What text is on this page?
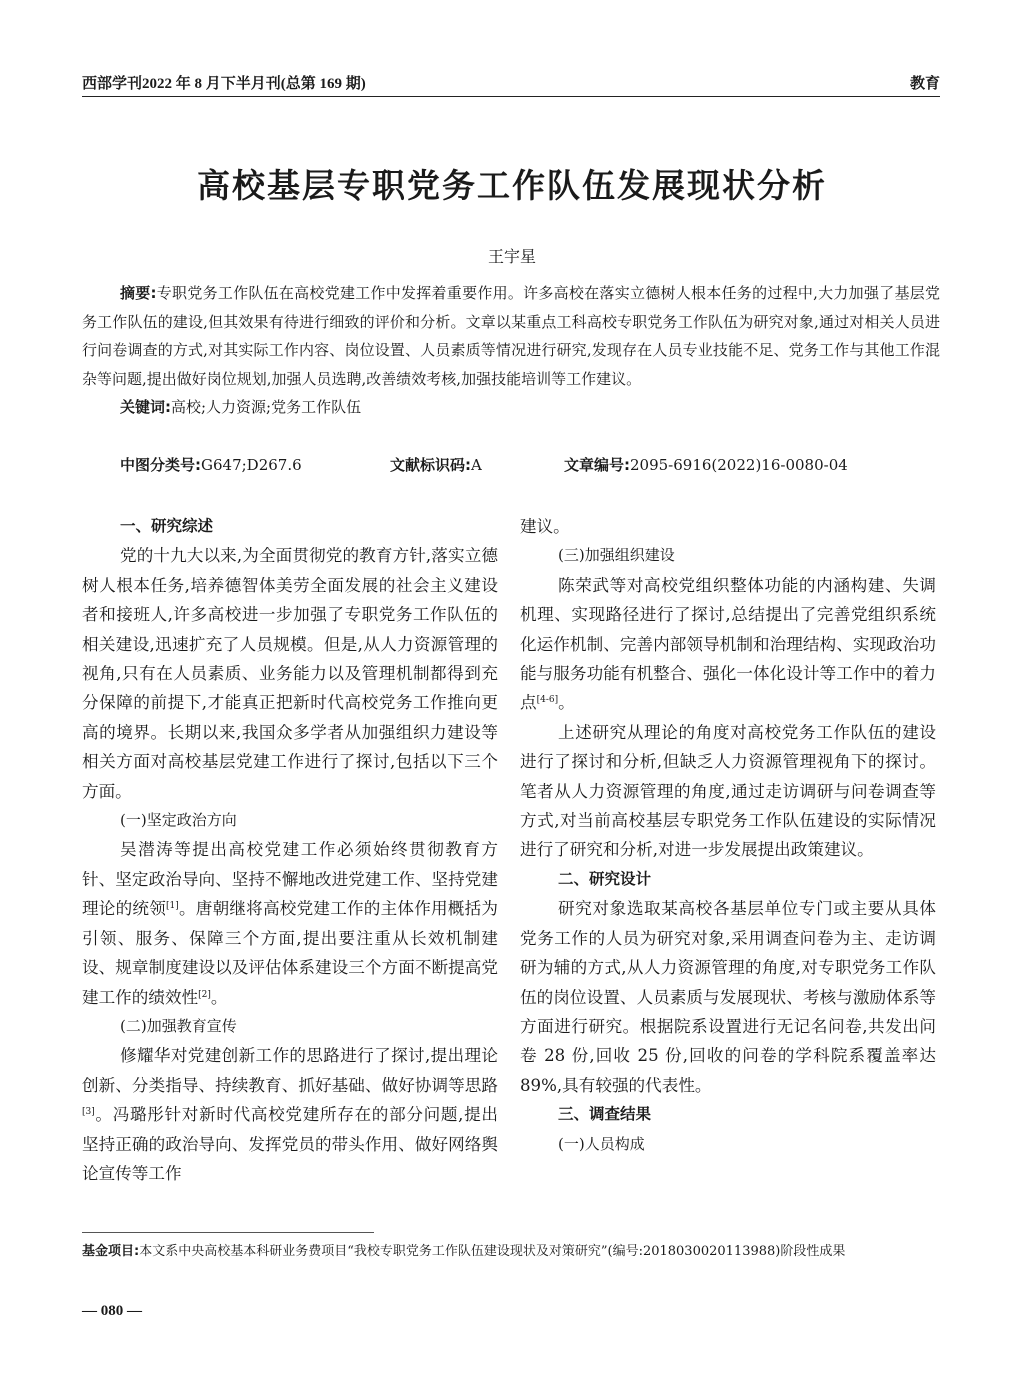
西部学刊2022 年 8 月下半月刊(总第 169 期)	教育
高校基层专职党务工作队伍发展现状分析
王宇星

摘要:专职党务工作队伍在高校党建工作中发挥着重要作用。许多高校在落实立德树人根本任务的过程中,大力加强了基层党务工作队伍的建设,但其效果有待进行细致的评价和分析。文章以某重点工科高校专职党务工作队伍为研究对象,通过对相关人员进行问卷调查的方式,对其实际工作内容、岗位设置、人员素质等情况进行研究,发现存在人员专业技能不足、党务工作与其他工作混杂等问题,提出做好岗位规划,加强人员选聘,改善绩效考核,加强技能培训等工作建议。

关键词:高校;人力资源;党务工作队伍

中图分类号:G647;D267.6	文献标识码:A	文章编号:2095-6916(2022)16-0080-04

一、研究综述

党的十九大以来,为全面贯彻党的教育方针,落实立德树人根本任务,培养德智体美劳全面发展的社会主义建设者和接班人,许多高校进一步加强了专职党务工作队伍的相关建设,迅速扩充了人员规模。但是,从人力资源管理的视角,只有在人员素质、业务能力以及管理机制都得到充分保障的前提下,才能真正把新时代高校党务工作推向更高的境界。长期以来,我国众多学者从加强组织力建设等相关方面对高校基层党建工作进行了探讨,包括以下三个方面。

(一)坚定政治方向

吴潜涛等提出高校党建工作必须始终贯彻教育方针、坚定政治导向、坚持不懈地改进党建工作、坚持党建理论的统领[1]。唐朝继将高校党建工作的主体作用概括为引领、服务、保障三个方面,提出要注重从长效机制建设、规章制度建设以及评估体系建设三个方面不断提高党建工作的绩效性[2]。

(二)加强教育宣传

修耀华对党建创新工作的思路进行了探讨,提出理论创新、分类指导、持续教育、抓好基础、做好协调等思路[3]。冯璐彤针对新时代高校党建所存在的部分问题,提出坚持正确的政治导向、发挥党员的带头作用、做好网络舆论宣传等工作

建议。

(三)加强组织建设

陈荣武等对高校党组织整体功能的内涵构建、失调机理、实现路径进行了探讨,总结提出了完善党组织系统化运作机制、完善内部领导机制和治理结构、实现政治功能与服务功能有机整合、强化一体化设计等工作中的着力点[4-6]。

上述研究从理论的角度对高校党务工作队伍的建设进行了探讨和分析,但缺乏人力资源管理视角下的探讨。笔者从人力资源管理的角度,通过走访调研与问卷调查等方式,对当前高校基层专职党务工作队伍建设的实际情况进行了研究和分析,对进一步发展提出政策建议。

二、研究设计

研究对象选取某高校各基层单位专门或主要从具体党务工作的人员为研究对象,采用调查问卷为主、走访调研为辅的方式,从人力资源管理的角度,对专职党务工作队伍的岗位设置、人员素质与发展现状、考核与激励体系等方面进行研究。根据院系设置进行无记名问卷,共发出问卷 28 份,回收 25 份,回收的问卷的学科院系覆盖率达 89%,具有较强的代表性。

三、调查结果

(一)人员构成

基金项目:本文系中央高校基本科研业务费项目“我校专职党务工作队伍建设现状及对策研究”(编号:2018030020113988)阶段性成果
— 080 —
